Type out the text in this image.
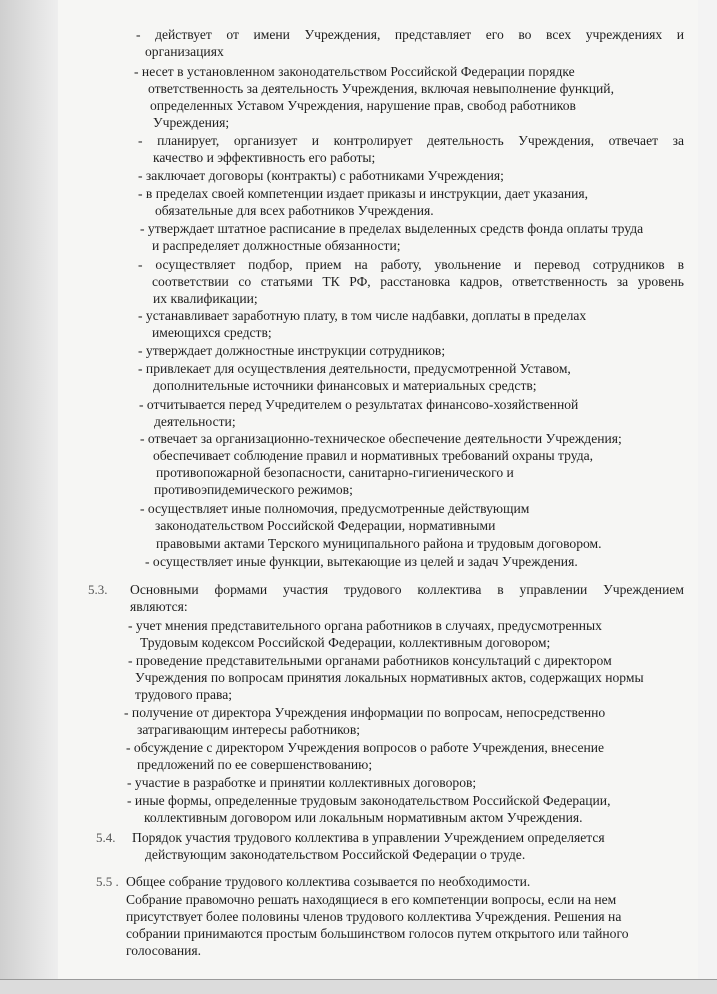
- действует от имени Учреждения, представляет его во всех учреждениях и

организациях

- несет в установленном законодательством Российской Федерации порядке

ответственность за деятельность Учреждения, включая невыполнение функций,

определенных Уставом Учреждения, нарушение прав, свобод работников

Учреждения;

- планирует, организует и контролирует деятельность Учреждения, отвечает за

качество и эффективность его работы;

- заключает договоры (контракты) с работниками Учреждения;

- в пределах своей компетенции издает приказы и инструкции, дает указания,

обязательные для всех работников Учреждения.

- утверждает штатное расписание в пределах выделенных средств фонда оплаты труда

и распределяет должностные обязанности;

- осуществляет подбор, прием на работу, увольнение и перевод сотрудников в

соответствии со статьями ТК РФ, расстановка кадров, ответственность за уровень

их квалификации;

- устанавливает заработную плату, в том числе надбавки, доплаты в пределах

имеющихся средств;

- утверждает должностные инструкции сотрудников;

- привлекает для осуществления деятельности, предусмотренной Уставом,

дополнительные источники финансовых и материальных средств;

- отчитывается перед Учредителем о результатах финансово-хозяйственной

деятельности;

- отвечает за организационно-техническое обеспечение деятельности Учреждения;

обеспечивает соблюдение правил и нормативных требований охраны труда,

противопожарной безопасности, санитарно-гигиенического и

противоэпидемического режимов;

- осуществляет иные полномочия, предусмотренные действующим

законодательством Российской Федерации, нормативными

правовыми актами Терского муниципального района и трудовым договором.

- осуществляет иные функции, вытекающие из целей и задач Учреждения.

5.3. Основными формами участия трудового коллектива в управлении Учреждением

являются:

- учет мнения представительного органа работников в случаях, предусмотренных

Трудовым кодексом Российской Федерации, коллективным договором;

- проведение представительными органами работников консультаций с директором

Учреждения по вопросам принятия локальных нормативных актов, содержащих нормы

трудового права;

- получение от директора Учреждения информации по вопросам, непосредственно

затрагивающим интересы работников;

- обсуждение с директором Учреждения вопросов о работе Учреждения, внесение

предложений по ее совершенствованию;

- участие в разработке и принятии коллективных договоров;

- иные формы, определенные трудовым законодательством Российской Федерации,

коллективным договором или локальным нормативным актом Учреждения.

5.4. Порядок участия трудового коллектива в управлении Учреждением определяется

действующим законодательством Российской Федерации о труде.

5.5 . Общее собрание трудового коллектива созывается по необходимости.

Собрание правомочно решать находящиеся в его компетенции вопросы, если на нем

присутствует более половины членов трудового коллектива Учреждения. Решения на

собрании принимаются простым большинством голосов путем открытого или тайного

голосования.
